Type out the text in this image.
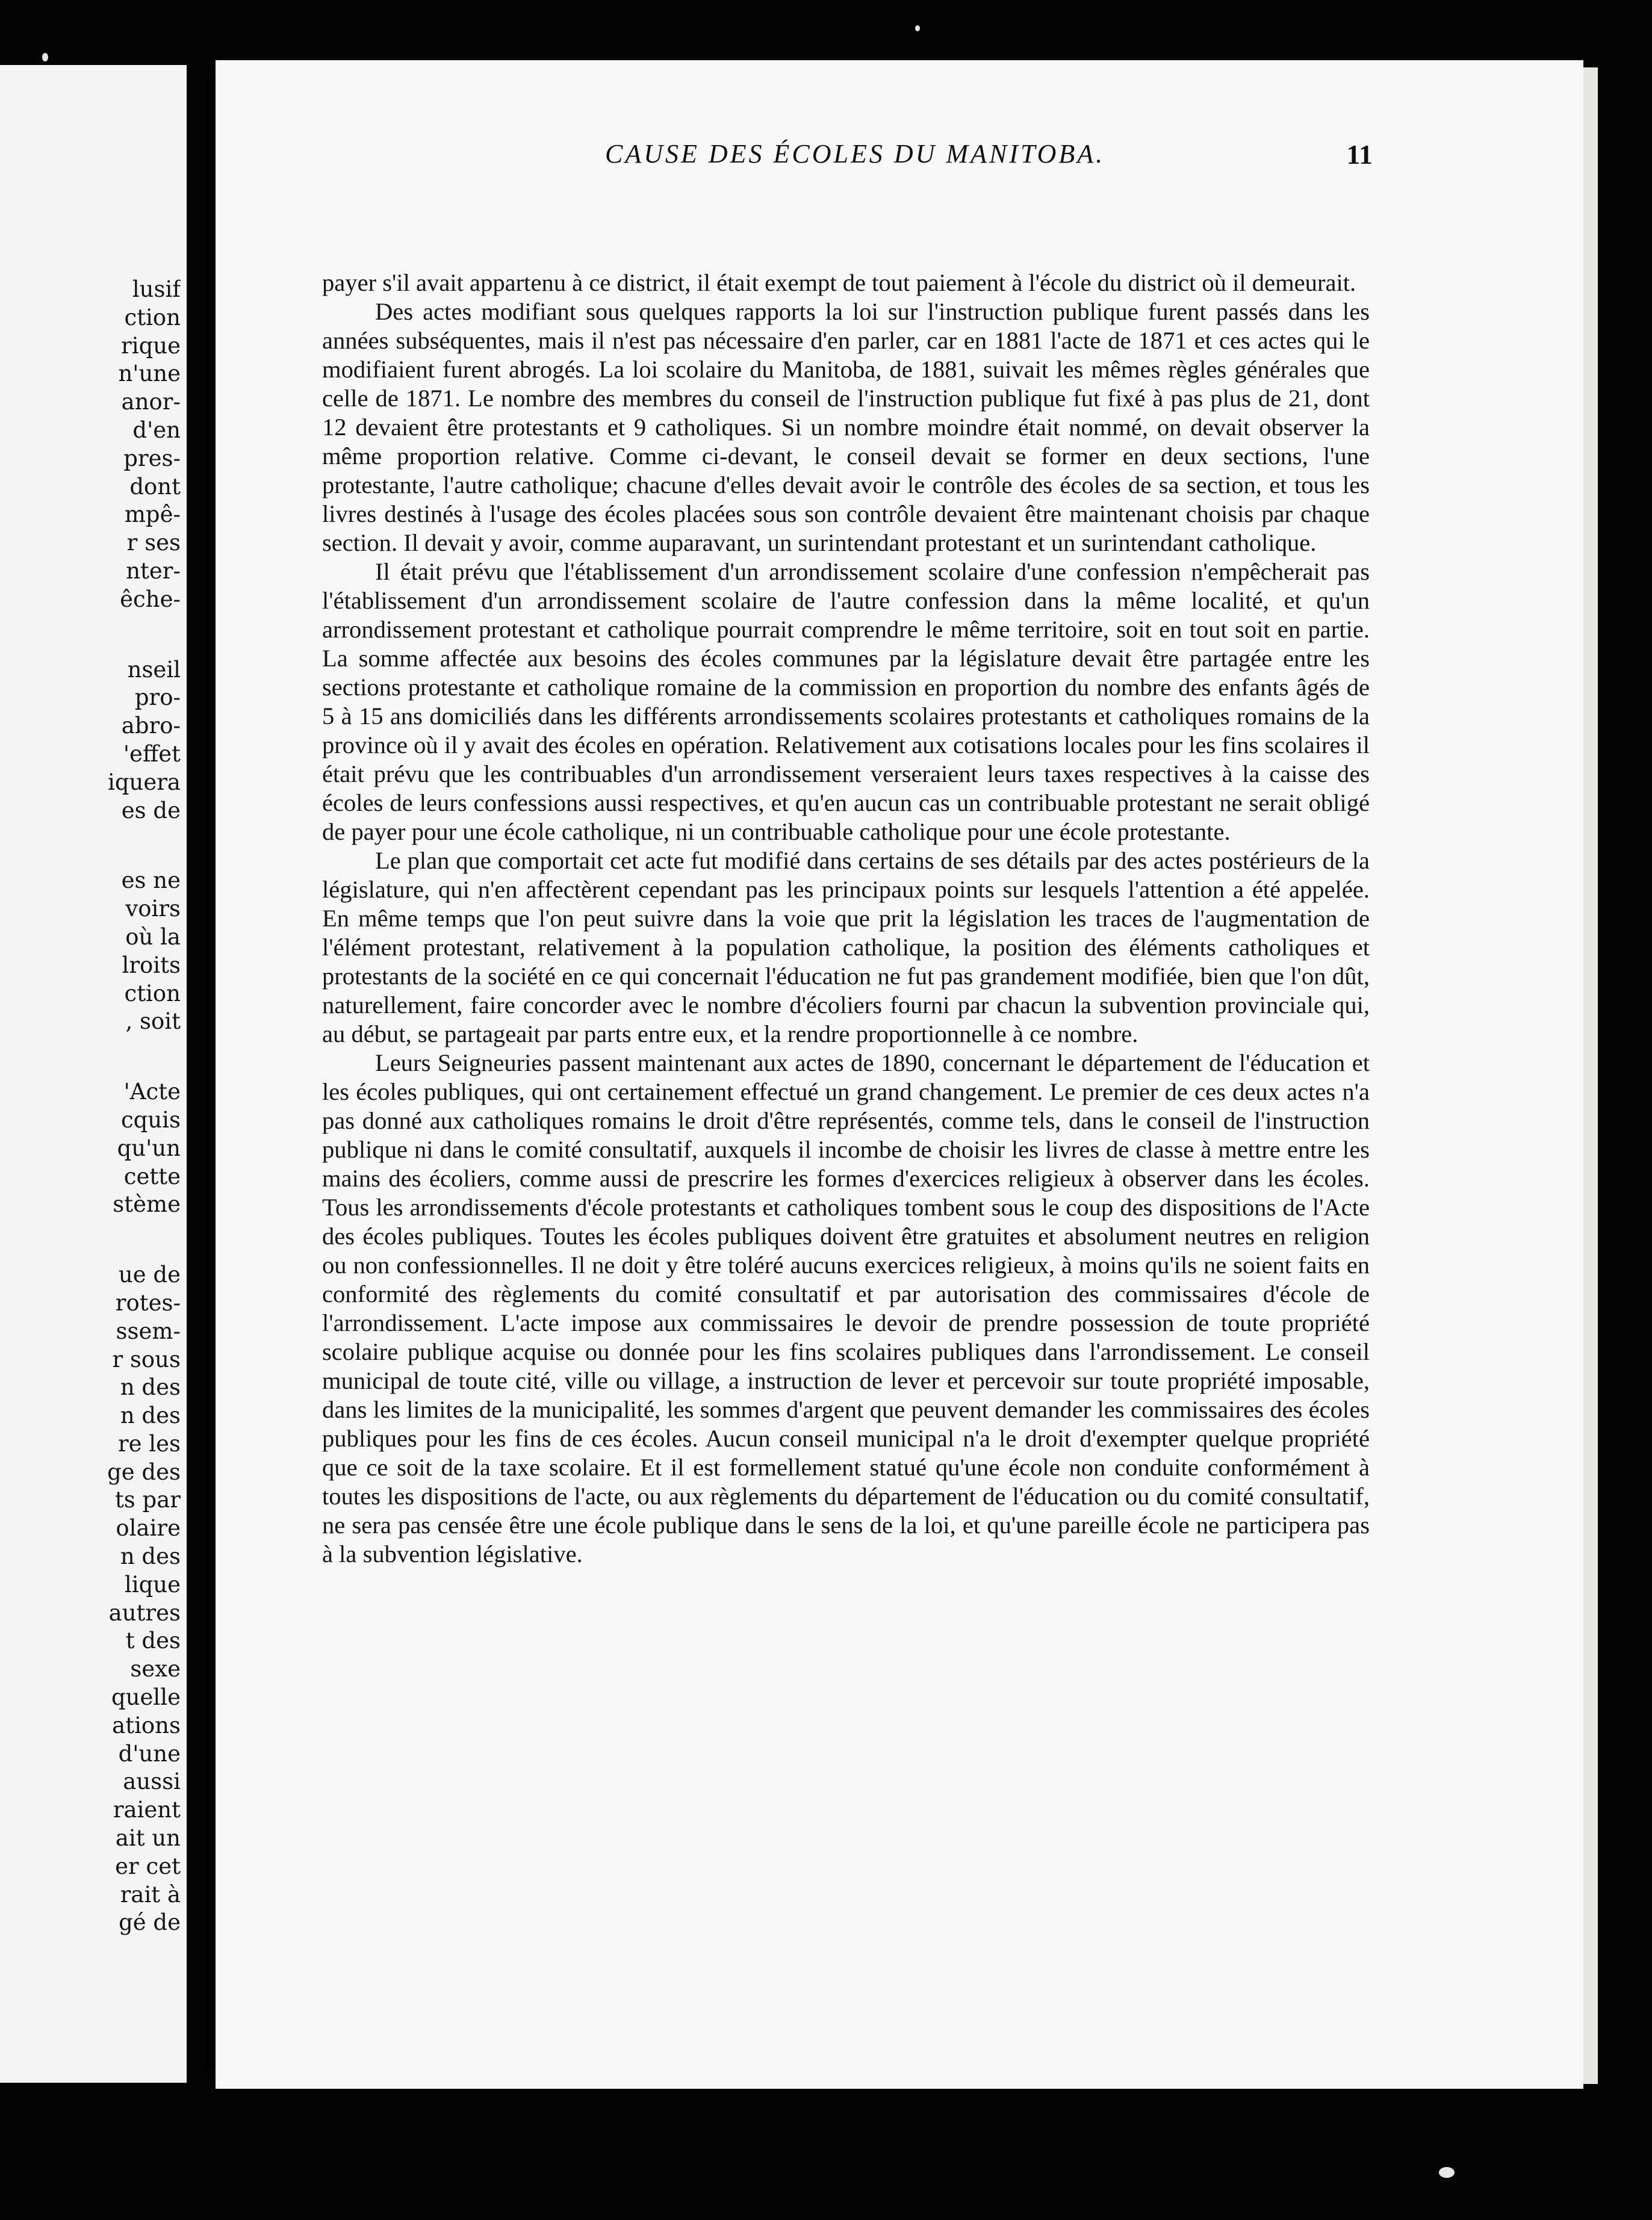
lusif
ction
rique
n'une
anor-
d'en
pres-
dont
mpê-
r ses
nter-
êche-
nseil
pro-
abro-
'effet
iquera
es de
es ne
voirs
où la
lroits
ction
, soit
'Acte
cquis
qu'un
cette
stème
ue de
rotes-
ssem-
r sous
n des
n des
re les
ge des
ts par
olaire
n des
lique
autres
t des
sexe
quelle
ations
d'une
aussi
raient
ait un
er cet
rait à
gé de
CAUSE DES ÉCOLES DU MANITOBA.	11

payer s'il avait appartenu à ce district, il était exempt de tout paiement à l'école du district où il demeurait.

Des actes modifiant sous quelques rapports la loi sur l'instruction publique furent passés dans les années subséquentes, mais il n'est pas nécessaire d'en parler, car en 1881 l'acte de 1871 et ces actes qui le modifiaient furent abrogés. La loi scolaire du Manitoba, de 1881, suivait les mêmes règles générales que celle de 1871. Le nombre des membres du conseil de l'instruction publique fut fixé à pas plus de 21, dont 12 devaient être protestants et 9 catholiques. Si un nombre moindre était nommé, on devait observer la même proportion relative. Comme ci-devant, le conseil devait se former en deux sections, l'une protestante, l'autre catholique; chacune d'elles devait avoir le contrôle des écoles de sa section, et tous les livres destinés à l'usage des écoles placées sous son contrôle devaient être maintenant choisis par chaque section. Il devait y avoir, comme auparavant, un surintendant protestant et un surintendant catholique.

Il était prévu que l'établissement d'un arrondissement scolaire d'une confession n'empêcherait pas l'établissement d'un arrondissement scolaire de l'autre confession dans la même localité, et qu'un arrondissement protestant et catholique pourrait comprendre le même territoire, soit en tout soit en partie. La somme affectée aux besoins des écoles communes par la législature devait être partagée entre les sections protestante et catholique romaine de la commission en proportion du nombre des enfants âgés de 5 à 15 ans domiciliés dans les différents arrondissements scolaires protestants et catholiques romains de la province où il y avait des écoles en opération. Relativement aux cotisations locales pour les fins scolaires il était prévu que les contribuables d'un arrondissement verseraient leurs taxes respectives à la caisse des écoles de leurs confessions aussi respectives, et qu'en aucun cas un contribuable protestant ne serait obligé de payer pour une école catholique, ni un contribuable catholique pour une école protestante.

Le plan que comportait cet acte fut modifié dans certains de ses détails par des actes postérieurs de la législature, qui n'en affectèrent cependant pas les principaux points sur lesquels l'attention a été appelée. En même temps que l'on peut suivre dans la voie que prit la législation les traces de l'augmentation de l'élément protestant, relativement à la population catholique, la position des éléments catholiques et protestants de la société en ce qui concernait l'éducation ne fut pas grandement modifiée, bien que l'on dût, naturellement, faire concorder avec le nombre d'écoliers fourni par chacun la subvention provinciale qui, au début, se partageait par parts entre eux, et la rendre proportionnelle à ce nombre.

Leurs Seigneuries passent maintenant aux actes de 1890, concernant le département de l'éducation et les écoles publiques, qui ont certainement effectué un grand changement. Le premier de ces deux actes n'a pas donné aux catholiques romains le droit d'être représentés, comme tels, dans le conseil de l'instruction publique ni dans le comité consultatif, auxquels il incombe de choisir les livres de classe à mettre entre les mains des écoliers, comme aussi de prescrire les formes d'exercices religieux à observer dans les écoles. Tous les arrondissements d'école protestants et catholiques tombent sous le coup des dispositions de l'Acte des écoles publiques. Toutes les écoles publiques doivent être gratuites et absolument neutres en religion ou non confessionnelles. Il ne doit y être toléré aucuns exercices religieux, à moins qu'ils ne soient faits en conformité des règlements du comité consultatif et par autorisation des commissaires d'école de l'arrondissement. L'acte impose aux commissaires le devoir de prendre possession de toute propriété scolaire publique acquise ou donnée pour les fins scolaires publiques dans l'arrondissement. Le conseil municipal de toute cité, ville ou village, a instruction de lever et percevoir sur toute propriété imposable, dans les limites de la municipalité, les sommes d'argent que peuvent demander les commissaires des écoles publiques pour les fins de ces écoles. Aucun conseil municipal n'a le droit d'exempter quelque propriété que ce soit de la taxe scolaire. Et il est formellement statué qu'une école non conduite conformément à toutes les dispositions de l'acte, ou aux règlements du département de l'éducation ou du comité consultatif, ne sera pas censée être une école publique dans le sens de la loi, et qu'une pareille école ne participera pas à la subvention législative.
